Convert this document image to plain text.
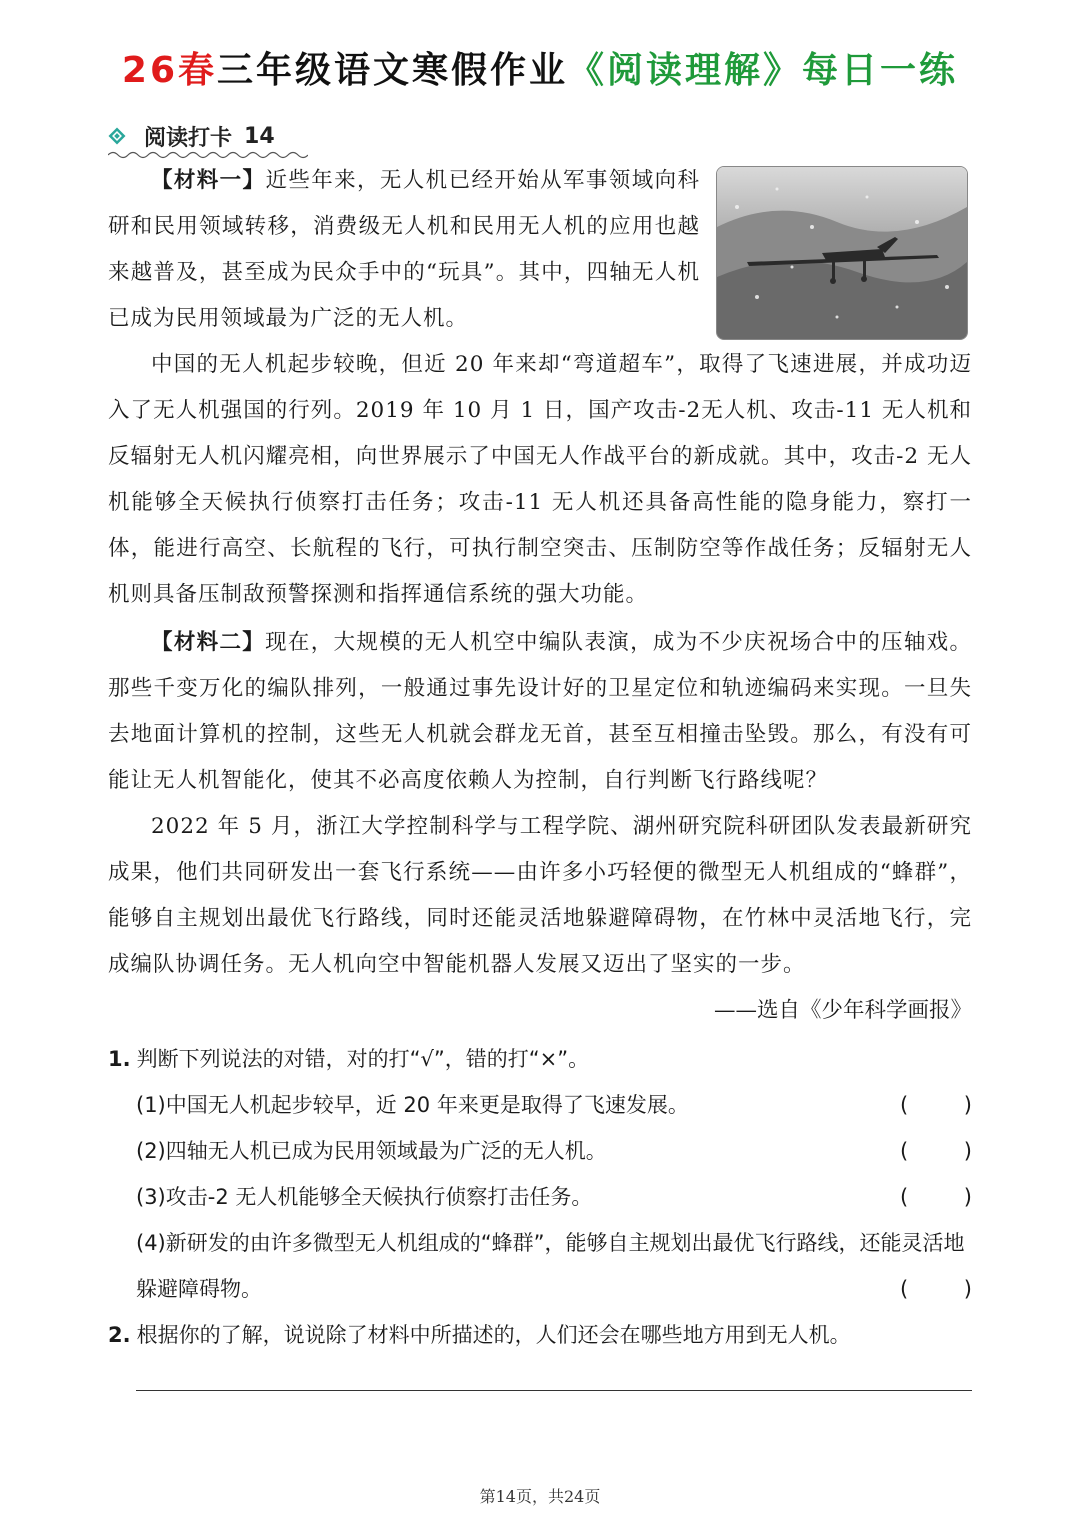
26春三年级语文寒假作业《阅读理解》每日一练
阅读打卡 14

【材料一】近些年来，无人机已经开始从军事领域向科研和民用领域转移，消费级无人机和民用无人机的应用也越来越普及，甚至成为民众手中的“玩具”。其中，四轴无人机已成为民用领域最为广泛的无人机。

中国的无人机起步较晚，但近 20 年来却“弯道超车”，取得了飞速进展，并成功迈入了无人机强国的行列。2019 年 10 月 1 日，国产攻击-2无人机、攻击-11 无人机和反辐射无人机闪耀亮相，向世界展示了中国无人作战平台的新成就。其中，攻击-2 无人机能够全天候执行侦察打击任务；攻击-11 无人机还具备高性能的隐身能力，察打一体，能进行高空、长航程的飞行，可执行制空突击、压制防空等作战任务；反辐射无人机则具备压制敌预警探测和指挥通信系统的强大功能。

【材料二】现在，大规模的无人机空中编队表演，成为不少庆祝场合中的压轴戏。那些千变万化的编队排列，一般通过事先设计好的卫星定位和轨迹编码来实现。一旦失去地面计算机的控制，这些无人机就会群龙无首，甚至互相撞击坠毁。那么，有没有可能让无人机智能化，使其不必高度依赖人为控制，自行判断飞行路线呢？

2022 年 5 月，浙江大学控制科学与工程学院、湖州研究院科研团队发表最新研究成果，他们共同研发出一套飞行系统——由许多小巧轻便的微型无人机组成的“蜂群”，能够自主规划出最优飞行路线，同时还能灵活地躲避障碍物，在竹林中灵活地飞行，完成编队协调任务。无人机向空中智能机器人发展又迈出了坚实的一步。

——选自《少年科学画报》
1. 判断下列说法的对错，对的打“√”，错的打“×”。
(1)中国无人机起步较早，近 20 年来更是取得了飞速发展。	(	)
(2)四轴无人机已成为民用领域最为广泛的无人机。	(	)
(3)攻击-2 无人机能够全天候执行侦察打击任务。	(	)
(4)新研发的由许多微型无人机组成的“蜂群”，能够自主规划出最优飞行路线，还能灵活地躲避障碍物。	(	)
2. 根据你的了解，说说除了材料中所描述的，人们还会在哪些地方用到无人机。
第14页，共24页
